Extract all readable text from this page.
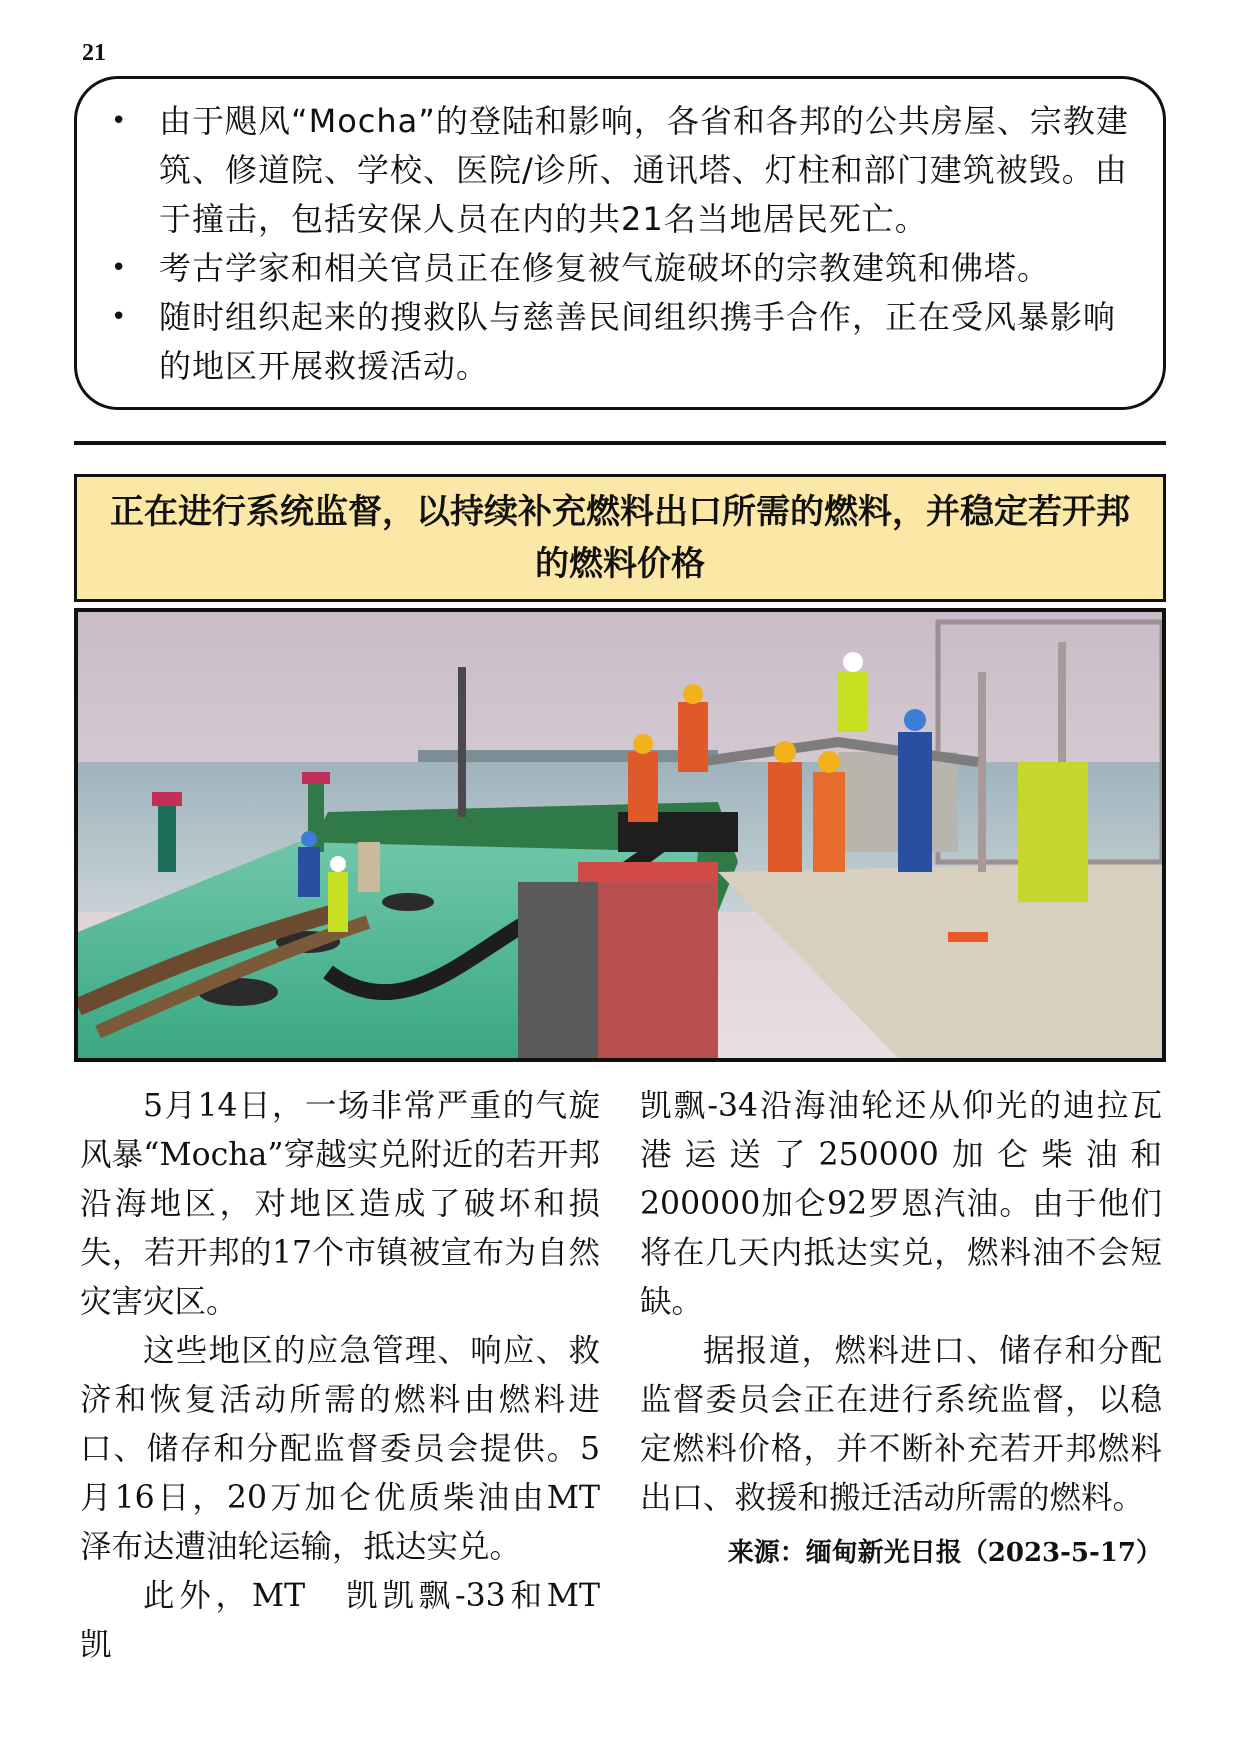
21
• 由于飓风“Mocha”的登陆和影响，各省和各邦的公共房屋、宗教建筑、修道院、学校、医院/诊所、通讯塔、灯柱和部门建筑被毁。由于撞击，包括安保人员在内的共21名当地居民死亡。
• 考古学家和相关官员正在修复被气旋破坏的宗教建筑和佛塔。
• 随时组织起来的搜救队与慈善民间组织携手合作，正在受风暴影响的地区开展救援活动。
正在进行系统监督，以持续补充燃料出口所需的燃料，并稳定若开邦的燃料价格

5月14日，一场非常严重的气旋风暴“Mocha”穿越实兑附近的若开邦沿海地区，对地区造成了破坏和损失，若开邦的17个市镇被宣布为自然灾害灾区。

这些地区的应急管理、响应、救济和恢复活动所需的燃料由燃料进口、储存和分配监督委员会提供。5月16日，20万加仑优质柴油由MT 泽布达遭油轮运输，抵达实兑。

此外，MT　凯凯飘-33和MT　凯

凯飘-34沿海油轮还从仰光的迪拉瓦港运送了250000加仑柴油和200000加仑92罗恩汽油。由于他们将在几天内抵达实兑，燃料油不会短缺。

据报道，燃料进口、储存和分配监督委员会正在进行系统监督，以稳定燃料价格，并不断补充若开邦燃料出口、救援和搬迁活动所需的燃料。

来源：缅甸新光日报（2023-5-17）
